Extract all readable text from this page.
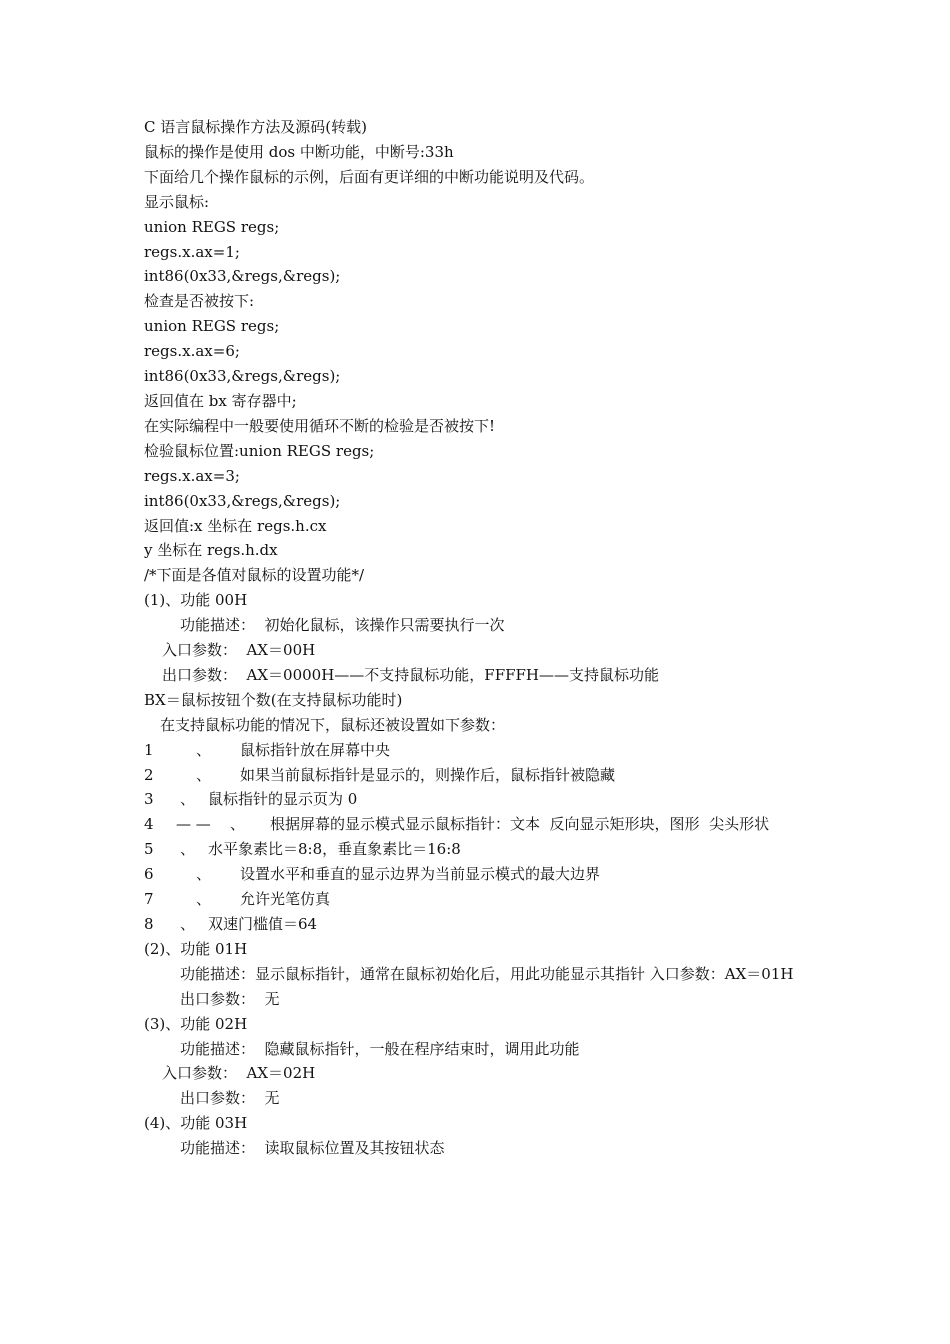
C 语言鼠标操作方法及源码(转载)

鼠标的操作是使用 dos 中断功能，中断号:33h

下面给几个操作鼠标的示例，后面有更详细的中断功能说明及代码。

显示鼠标:

union REGS regs;

regs.x.ax=1;

int86(0x33,&regs,&regs);

检查是否被按下:

union REGS regs;

regs.x.ax=6;

int86(0x33,&regs,&regs);

返回值在 bx 寄存器中;

在实际编程中一般要使用循环不断的检验是否被按下!

检验鼠标位置:union REGS regs;

regs.x.ax=3;

int86(0x33,&regs,&regs);

返回值:x 坐标在 regs.h.cx

y 坐标在 regs.h.dx

/*下面是各值对鼠标的设置功能*/

(1)、功能 00H

功能描述：  初始化鼠标，该操作只需要执行一次

入口参数：  AX＝00H

出口参数：  AX＝0000H——不支持鼠标功能，FFFFH——支持鼠标功能

BX＝鼠标按钮个数(在支持鼠标功能时)

在支持鼠标功能的情况下，鼠标还被设置如下参数：

1	、	鼠标指针放在屏幕中央
2	、	如果当前鼠标指针是显示的，则操作后，鼠标指针被隐藏
3	、 鼠标指针的显示页为 0
4	— —    、	根据屏幕的显示模式显示鼠标指针：文本  反向显示矩形块，图形  尖头形状
5	、 水平象素比＝8:8，垂直象素比＝16:8
6	、	设置水平和垂直的显示边界为当前显示模式的最大边界
7	、	允许光笔仿真
8	、 双速门槛值＝64

(2)、功能 01H

功能描述：显示鼠标指针，通常在鼠标初始化后，用此功能显示其指针 入口参数：AX＝01H

出口参数：  无

(3)、功能 02H

功能描述：  隐藏鼠标指针，一般在程序结束时，调用此功能

入口参数：  AX＝02H

出口参数：  无

(4)、功能 03H

功能描述：  读取鼠标位置及其按钮状态
